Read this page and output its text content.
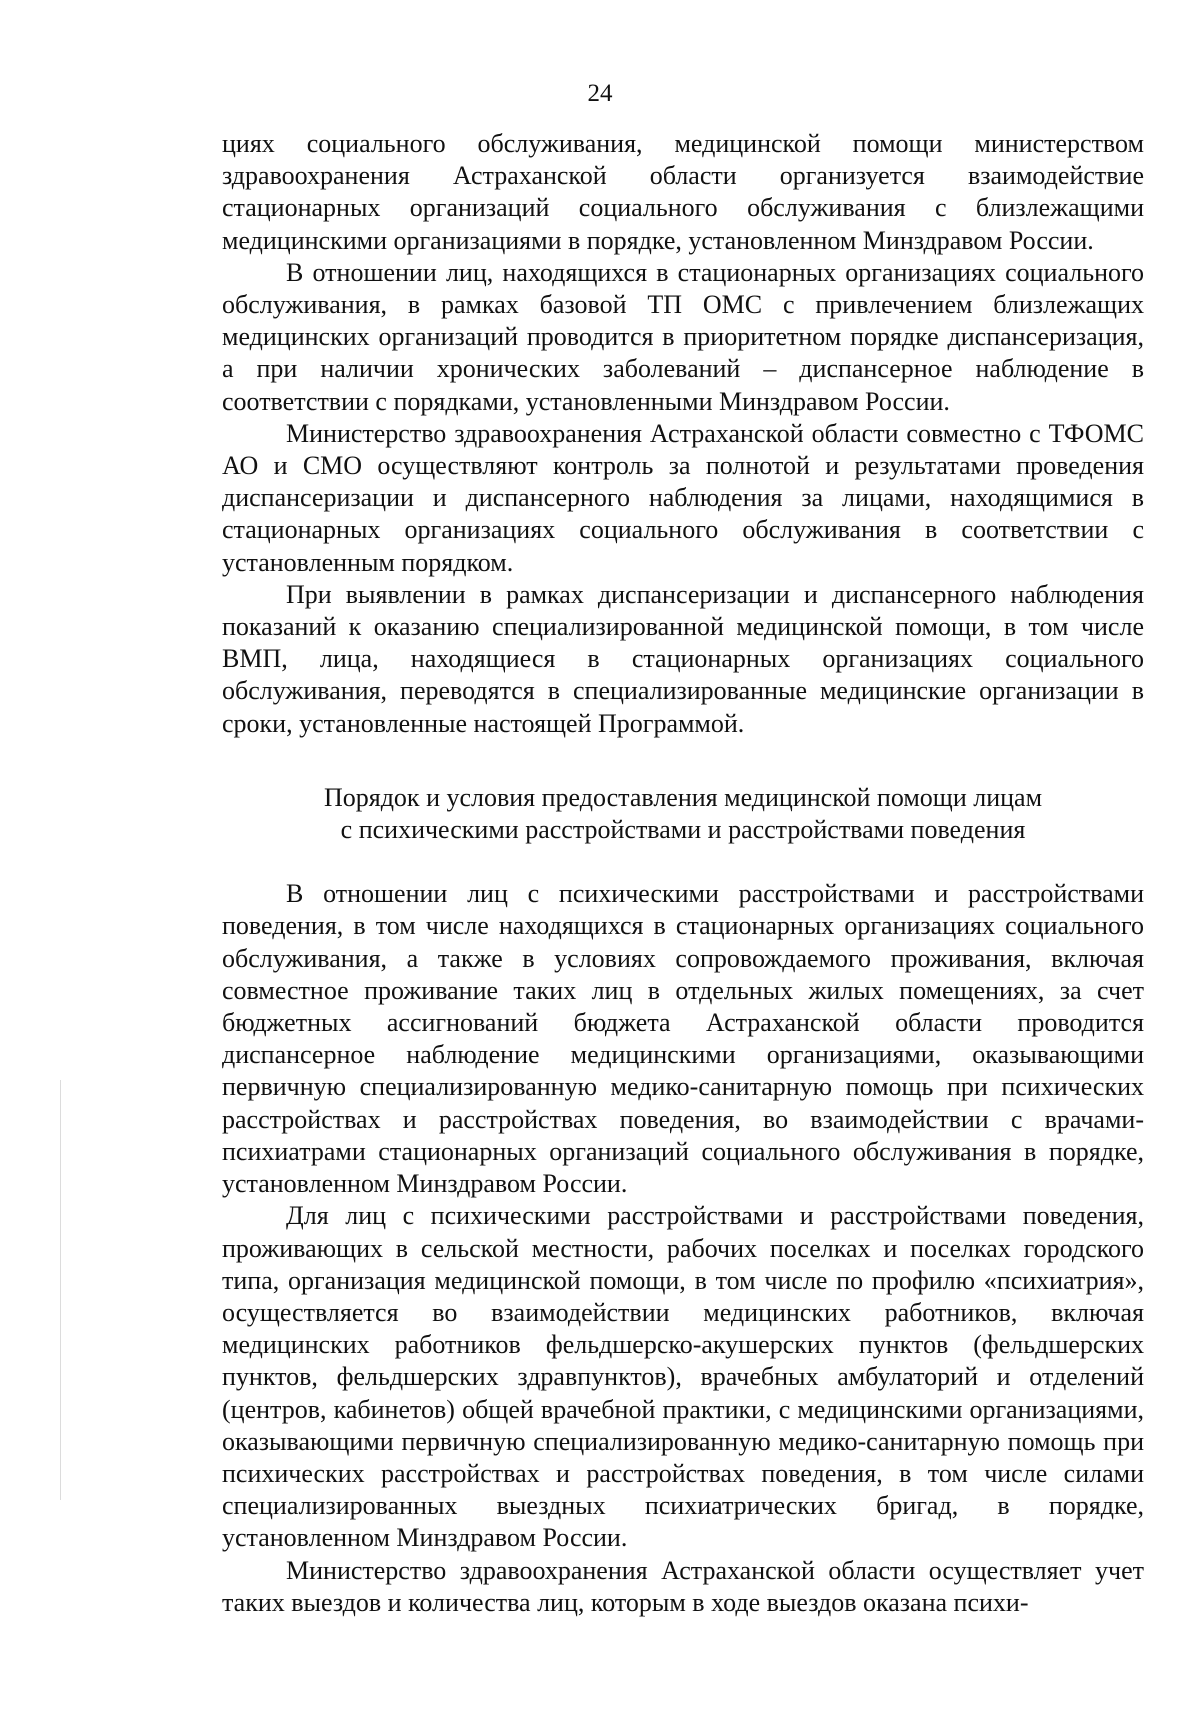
24

циях социального обслуживания, медицинской помощи министерством здравоохранения Астраханской области организуется взаимодействие стационарных организаций социального обслуживания с близлежащими медицинскими организациями в порядке, установленном Минздравом России.

В отношении лиц, находящихся в стационарных организациях социального обслуживания, в рамках базовой ТП ОМС с привлечением близлежащих медицинских организаций проводится в приоритетном порядке диспансеризация, а при наличии хронических заболеваний – диспансерное наблюдение в соответствии с порядками, установленными Минздравом России.

Министерство здравоохранения Астраханской области совместно с ТФОМС АО и СМО осуществляют контроль за полнотой и результатами проведения диспансеризации и диспансерного наблюдения за лицами, находящимися в стационарных организациях социального обслуживания в соответствии с установленным порядком.

При выявлении в рамках диспансеризации и диспансерного наблюдения показаний к оказанию специализированной медицинской помощи, в том числе ВМП, лица, находящиеся в стационарных организациях социального обслуживания, переводятся в специализированные медицинские организации в сроки, установленные настоящей Программой.

Порядок и условия предоставления медицинской помощи лицам

с психическими расстройствами и расстройствами поведения

В отношении лиц с психическими расстройствами и расстройствами поведения, в том числе находящихся в стационарных организациях социального обслуживания, а также в условиях сопровождаемого проживания, включая совместное проживание таких лиц в отдельных жилых помещениях, за счет бюджетных ассигнований бюджета Астраханской области проводится диспансерное наблюдение медицинскими организациями, оказывающими первичную специализированную медико-санитарную помощь при психических расстройствах и расстройствах поведения, во взаимодействии с врачами-психиатрами стационарных организаций социального обслуживания в порядке, установленном Минздравом России.

Для лиц с психическими расстройствами и расстройствами поведения, проживающих в сельской местности, рабочих поселках и поселках городского типа, организация медицинской помощи, в том числе по профилю «психиатрия», осуществляется во взаимодействии медицинских работников, включая медицинских работников фельдшерско-акушерских пунктов (фельдшерских пунктов, фельдшерских здравпунктов), врачебных амбулаторий и отделений (центров, кабинетов) общей врачебной практики, с медицинскими организациями, оказывающими первичную специализированную медико-санитарную помощь при психических расстройствах и расстройствах поведения, в том числе силами специализированных выездных психиатрических бригад, в порядке, установленном Минздравом России.

Министерство здравоохранения Астраханской области осуществляет учет таких выездов и количества лиц, которым в ходе выездов оказана психи-
